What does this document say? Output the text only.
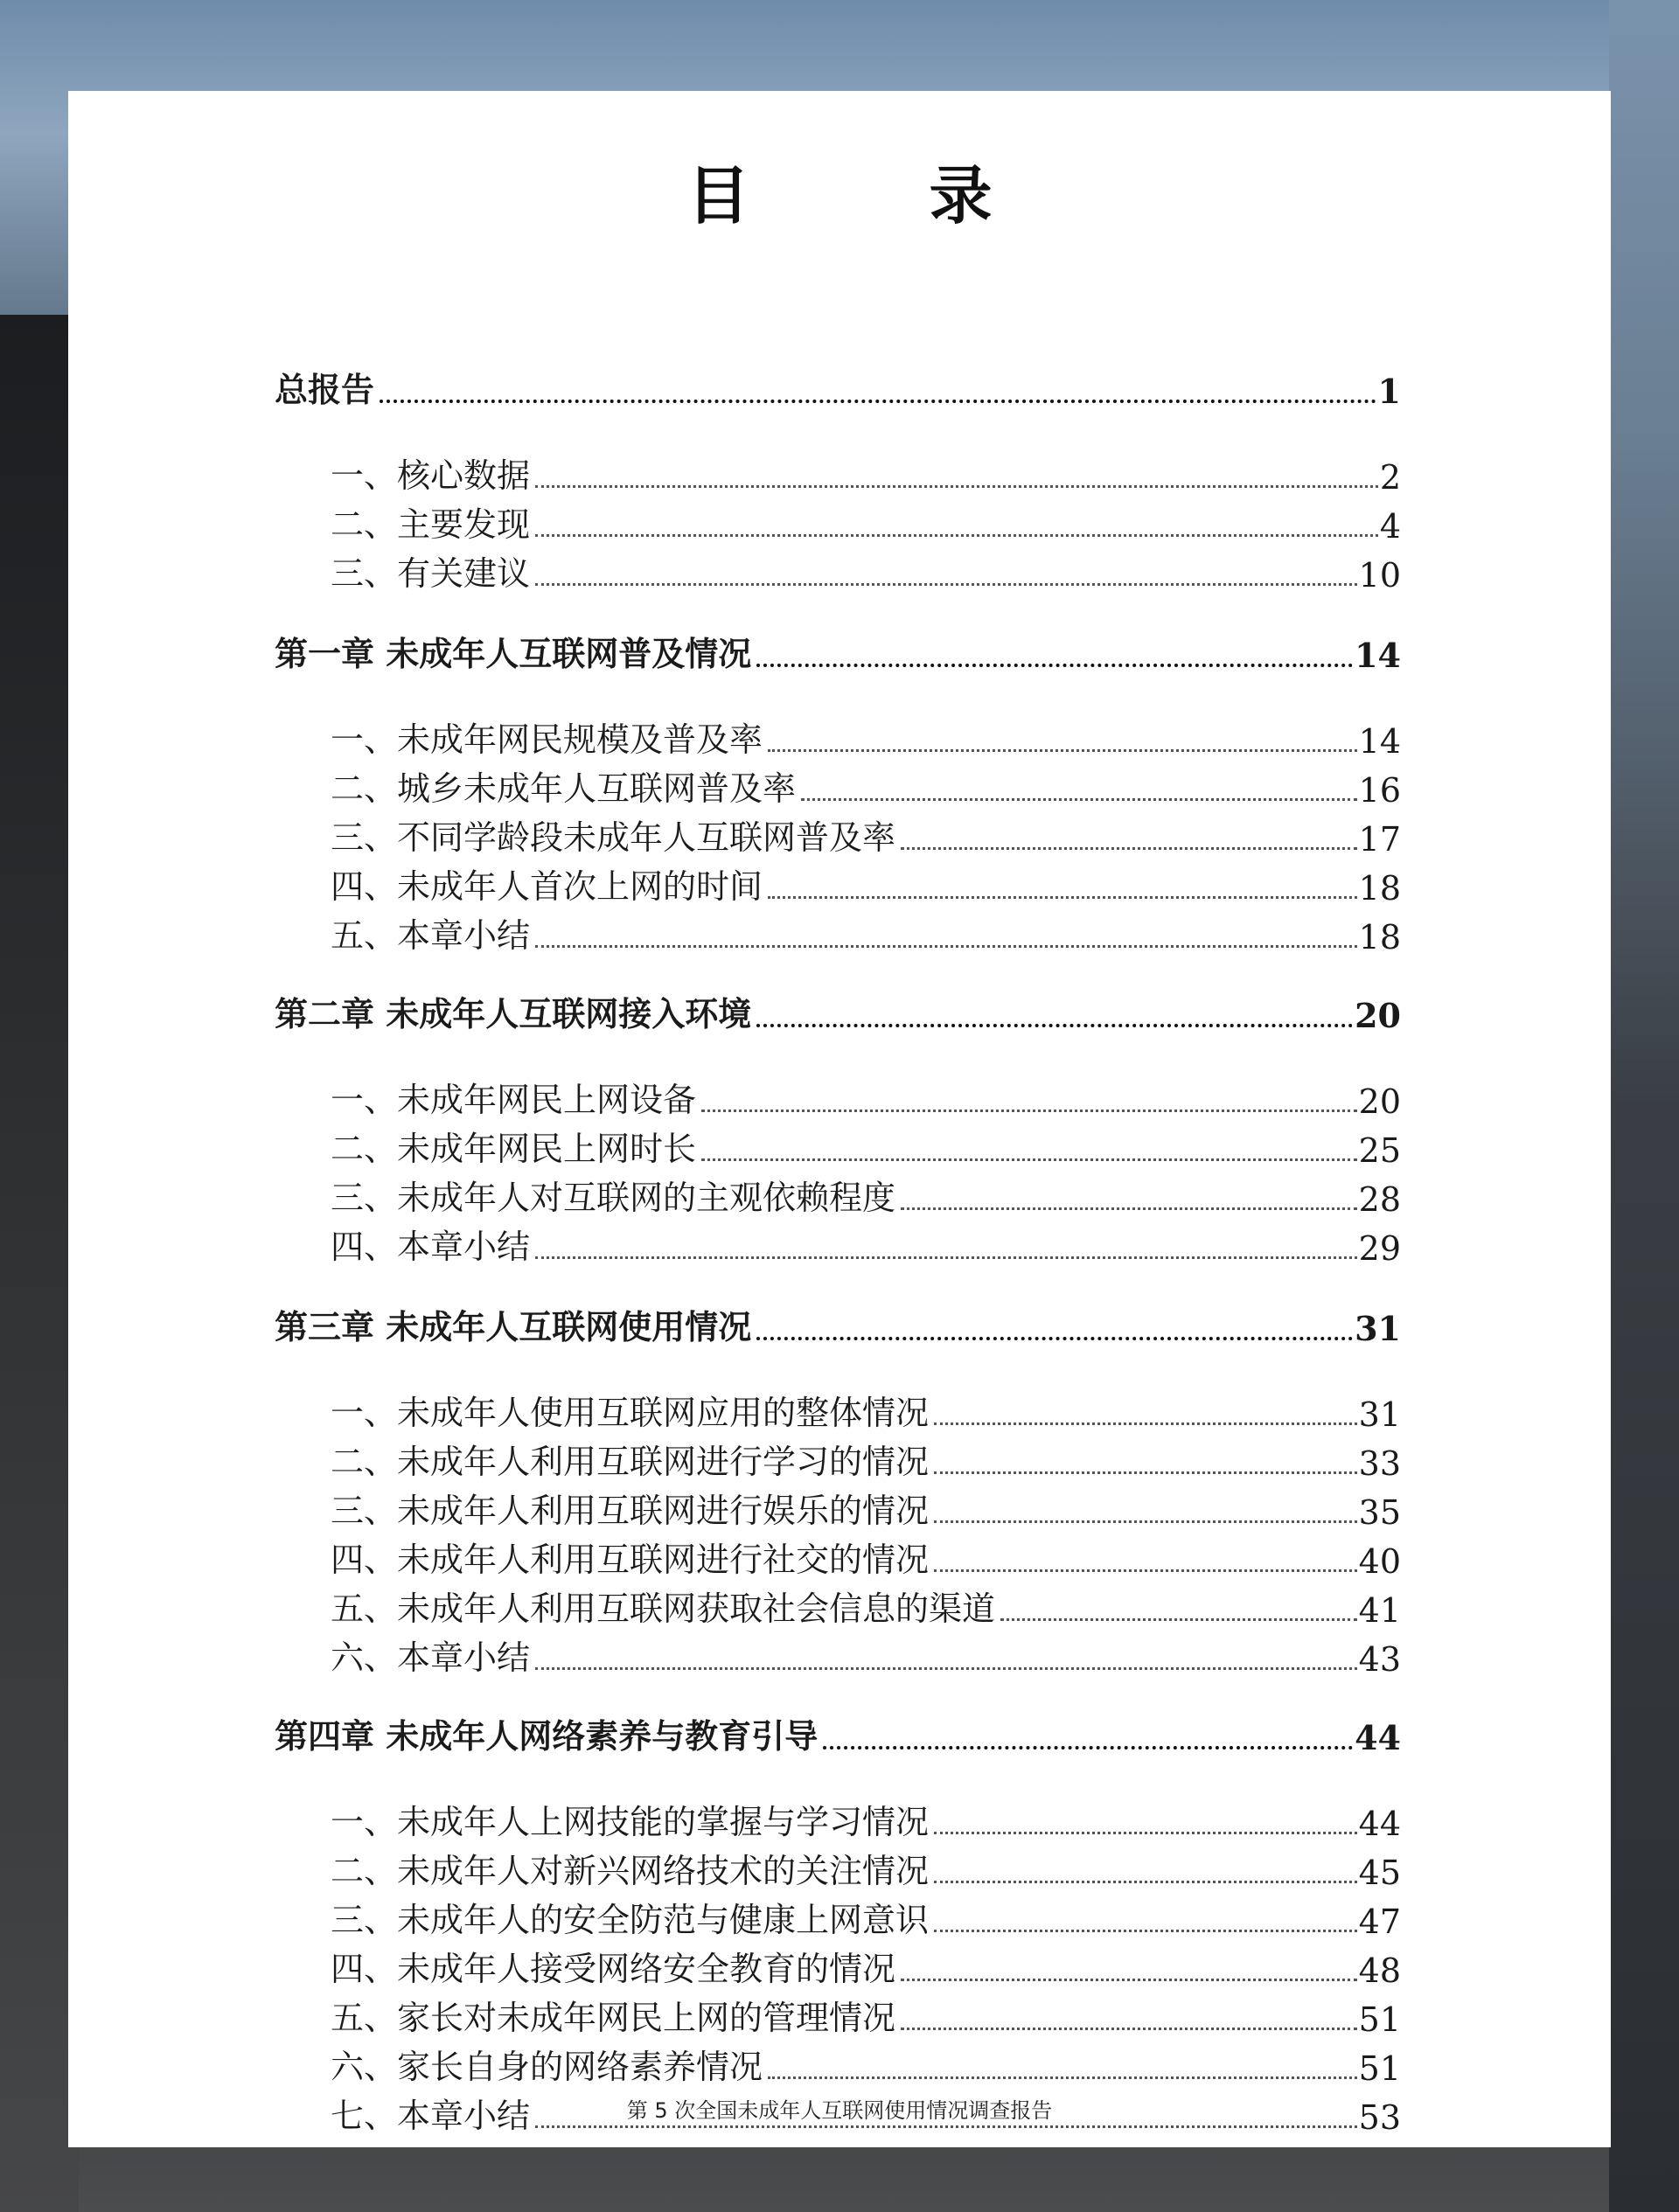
目 录
总报告	1
一、核心数据	2
二、主要发现	4
三、有关建议	10
第一章 未成年人互联网普及情况	14
一、未成年网民规模及普及率	14
二、城乡未成年人互联网普及率	16
三、不同学龄段未成年人互联网普及率	17
四、未成年人首次上网的时间	18
五、本章小结	18
第二章 未成年人互联网接入环境	20
一、未成年网民上网设备	20
二、未成年网民上网时长	25
三、未成年人对互联网的主观依赖程度	28
四、本章小结	29
第三章 未成年人互联网使用情况	31
一、未成年人使用互联网应用的整体情况	31
二、未成年人利用互联网进行学习的情况	33
三、未成年人利用互联网进行娱乐的情况	35
四、未成年人利用互联网进行社交的情况	40
五、未成年人利用互联网获取社会信息的渠道	41
六、本章小结	43
第四章 未成年人网络素养与教育引导	44
一、未成年人上网技能的掌握与学习情况	44
二、未成年人对新兴网络技术的关注情况	45
三、未成年人的安全防范与健康上网意识	47
四、未成年人接受网络安全教育的情况	48
五、家长对未成年网民上网的管理情况	51
六、家长自身的网络素养情况	51
七、本章小结	53
第 5 次全国未成年人互联网使用情况调查报告
